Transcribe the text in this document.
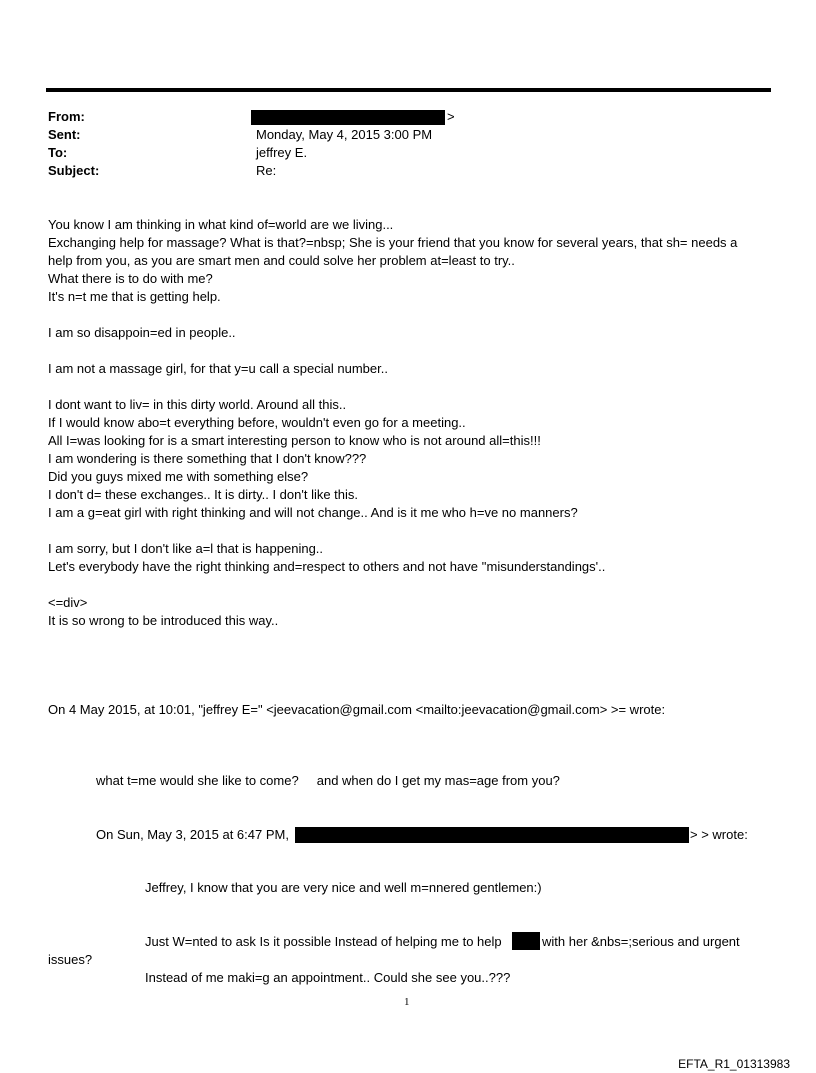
From:	>
Sent:	Monday, May 4, 2015 3:00 PM
To:	jeffrey E.
Subject:	Re:
You know I am thinking in what kind of=world are we living...
Exchanging help for massage? What is that?=nbsp; She is your friend that you know for several years, that sh= needs a
help from you, as you are smart men and could solve her problem at=least to try..
What there is to do with me?
It's n=t me that is getting help.
I am so disappoin=ed in people..
I am not a massage girl, for that y=u call a special number..
I dont want to liv= in this dirty world. Around all this..
If I would know abo=t everything before, wouldn't even go for a meeting..
All I=was looking for is a smart interesting person to know who is not around all=this!!!
I am wondering is there something that I don't know???
Did you guys mixed me with something else?
I don't d= these exchanges.. It is dirty.. I don't like this.
I am a g=eat girl with right thinking and will not change.. And is it me who h=ve no manners?
I am sorry, but I don't like a=l that is happening..
Let's everybody have the right thinking and=respect to others and not have ''misunderstandings'..
<=div>
It is so wrong to be introduced this way..
On 4 May 2015, at 10:01, "jeffrey E=" <jeevacation@gmail.com <mailto:jeevacation@gmail.com> >= wrote:
what t=me would she like to come?     and when do I get my mas=age from you?
On Sun, May 3, 2015 at 6:47 PM,	> > wrote:
Jeffrey, I know that you are very nice and well m=nnered gentlemen:)
Just W=nted to ask Is it possible Instead of helping me to help	with her &nbs=;serious and urgent
issues?
Instead of me maki=g an appointment.. Could she see you..???
1
EFTA_R1_01313983
